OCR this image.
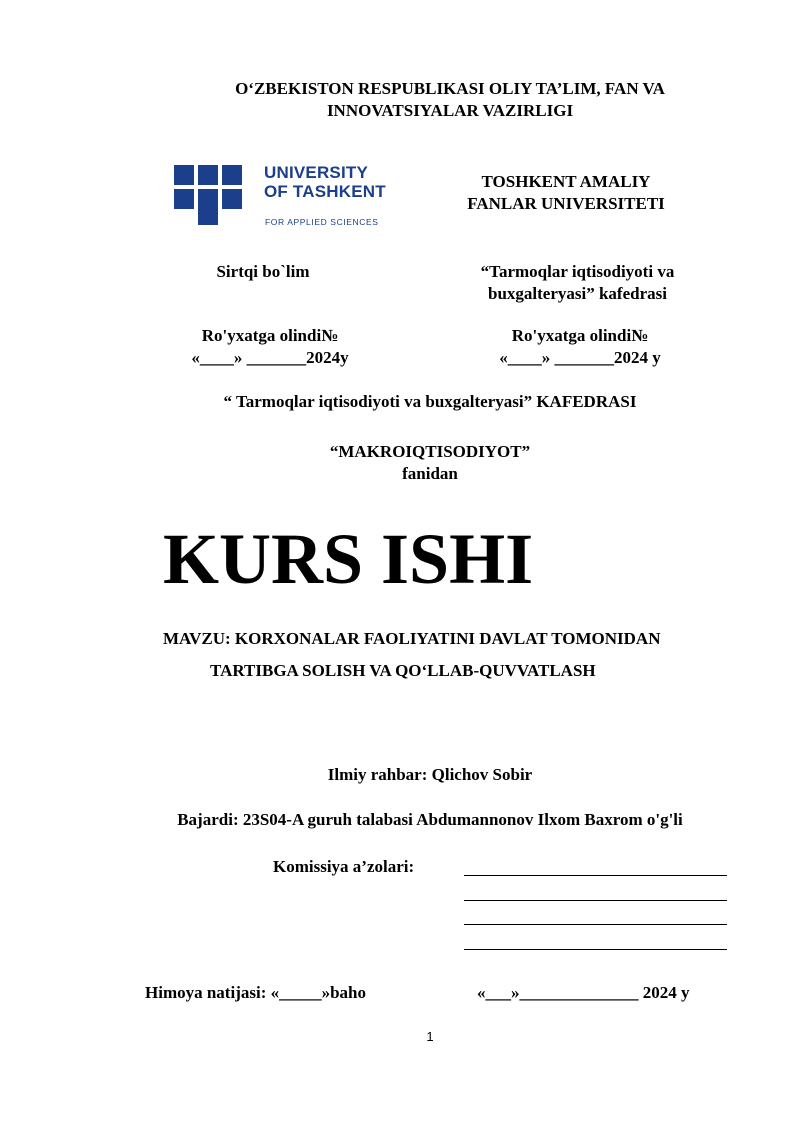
O‘ZBEKISTON RESPUBLIKASI OLIY TA’LIM, FAN VA
INNOVATSIYALAR VAZIRLIGI
UNIVERSITY
OF TASHKENT
FOR APPLIED SCIENCES
TOSHKENT AMALIY
FANLAR UNIVERSITETI
Sirtqi bo`lim	“Tarmoqlar iqtisodiyoti va
buxgalteryasi” kafedrasi
Ro'yxatga olindi№
«____» _______2024y
Ro'yxatga olindi№
«____» _______2024 y
“ Tarmoqlar iqtisodiyoti va buxgalteryasi” KAFEDRASI
“MAKROIQTISODIYOT”
fanidan
KURS ISHI
MAVZU: KORXONALAR FAOLIYATINI DAVLAT TOMONIDAN
TARTIBGA SOLISH VA QO‘LLAB-QUVVATLASH
Ilmiy rahbar: Qlichov Sobir
Bajardi: 23S04-A guruh talabasi Abdumannonov Ilxom Baxrom o'g'li
Komissiya a’zolari:
Himoya natijasi: «_____»baho	«___»______________ 2024 y
1
